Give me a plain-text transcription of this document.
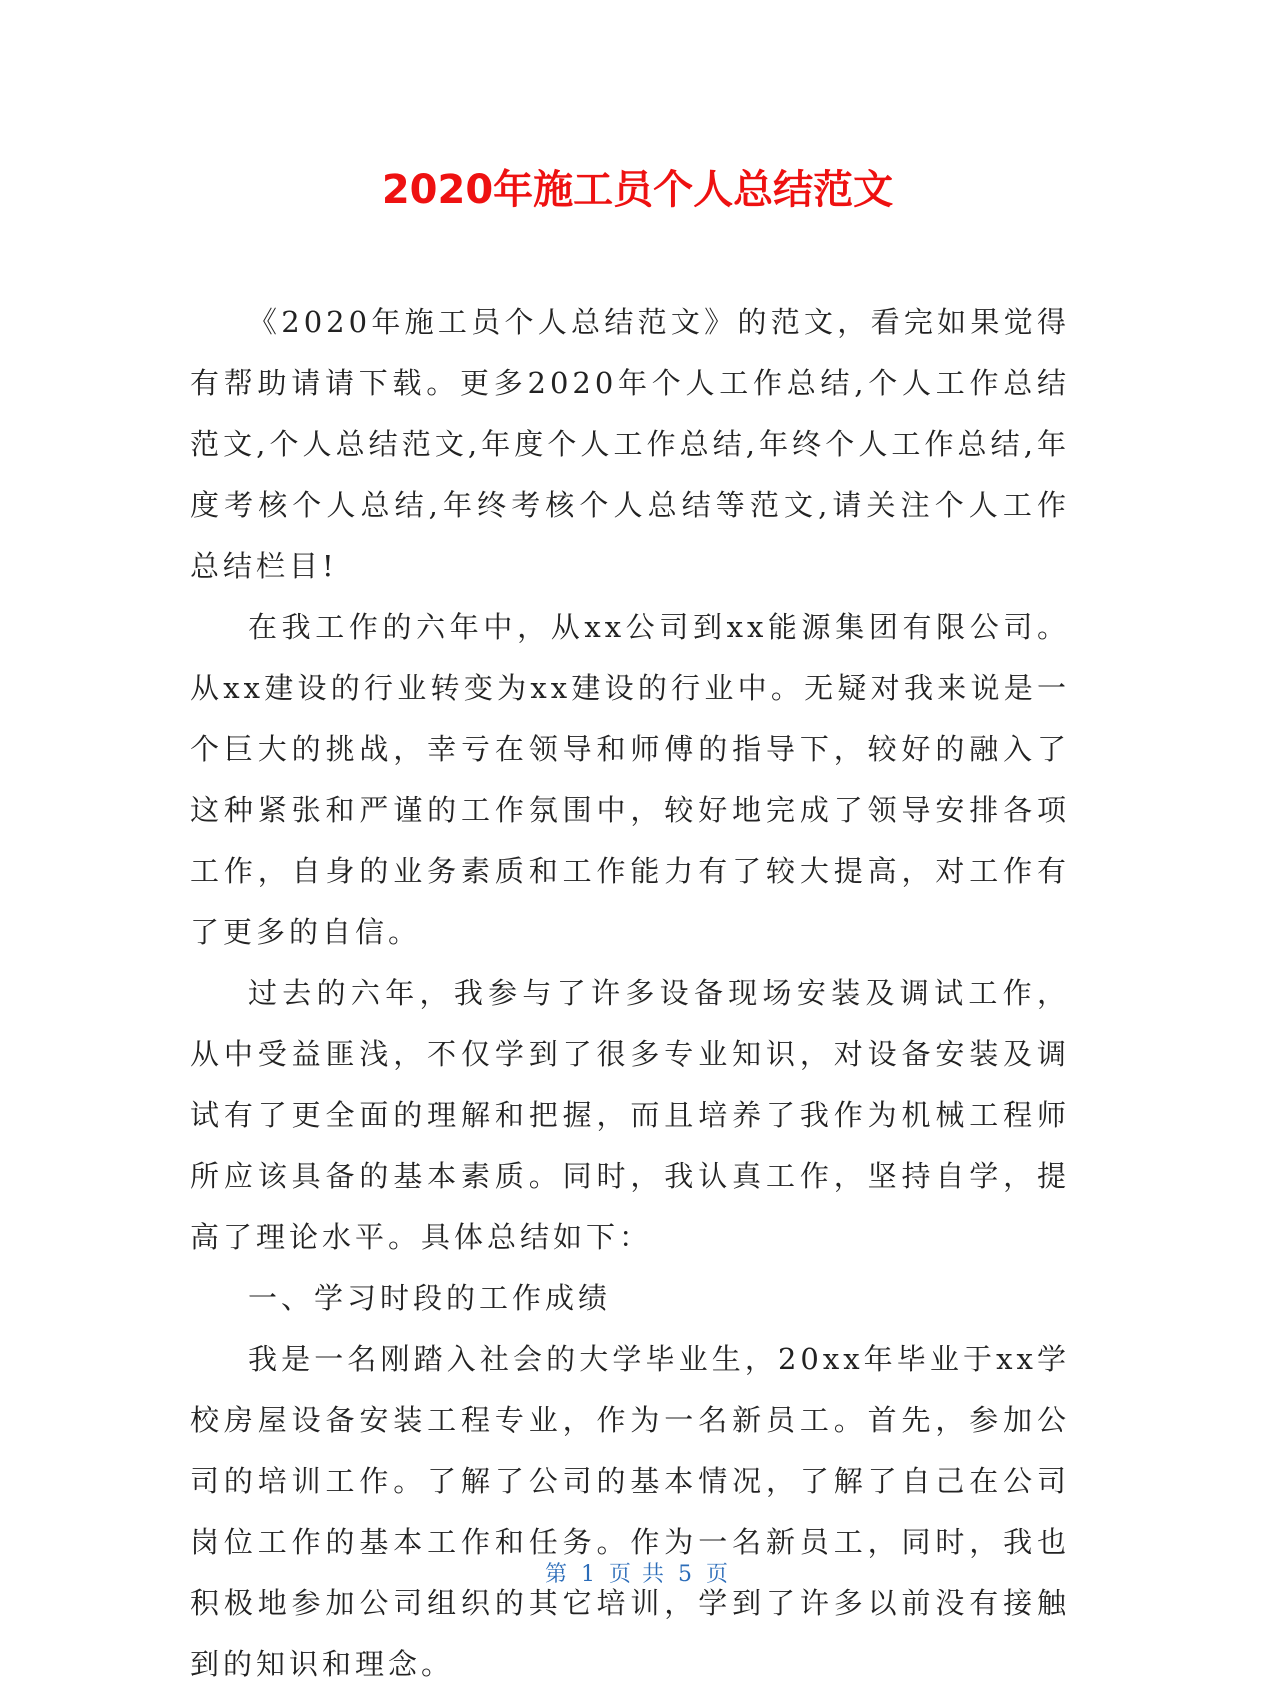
2020年施工员个人总结范文

《2020年施工员个人总结范文》的范文，看完如果觉得有帮助请请下载。更多2020年个人工作总结,个人工作总结范文,个人总结范文,年度个人工作总结,年终个人工作总结,年度考核个人总结,年终考核个人总结等范文,请关注个人工作总结栏目!

在我工作的六年中，从xx公司到xx能源集团有限公司。从xx建设的行业转变为xx建设的行业中。无疑对我来说是一个巨大的挑战，幸亏在领导和师傅的指导下，较好的融入了这种紧张和严谨的工作氛围中，较好地完成了领导安排各项工作，自身的业务素质和工作能力有了较大提高，对工作有了更多的自信。

过去的六年，我参与了许多设备现场安装及调试工作，从中受益匪浅，不仅学到了很多专业知识，对设备安装及调试有了更全面的理解和把握，而且培养了我作为机械工程师所应该具备的基本素质。同时，我认真工作，坚持自学，提高了理论水平。具体总结如下：

一、学习时段的工作成绩

我是一名刚踏入社会的大学毕业生，20xx年毕业于xx学校房屋设备安装工程专业，作为一名新员工。首先，参加公司的培训工作。了解了公司的基本情况，了解了自己在公司岗位工作的基本工作和任务。作为一名新员工，同时，我也积极地参加公司组织的其它培训，学到了许多以前没有接触到的知识和理念。

第 1 页 共 5 页
